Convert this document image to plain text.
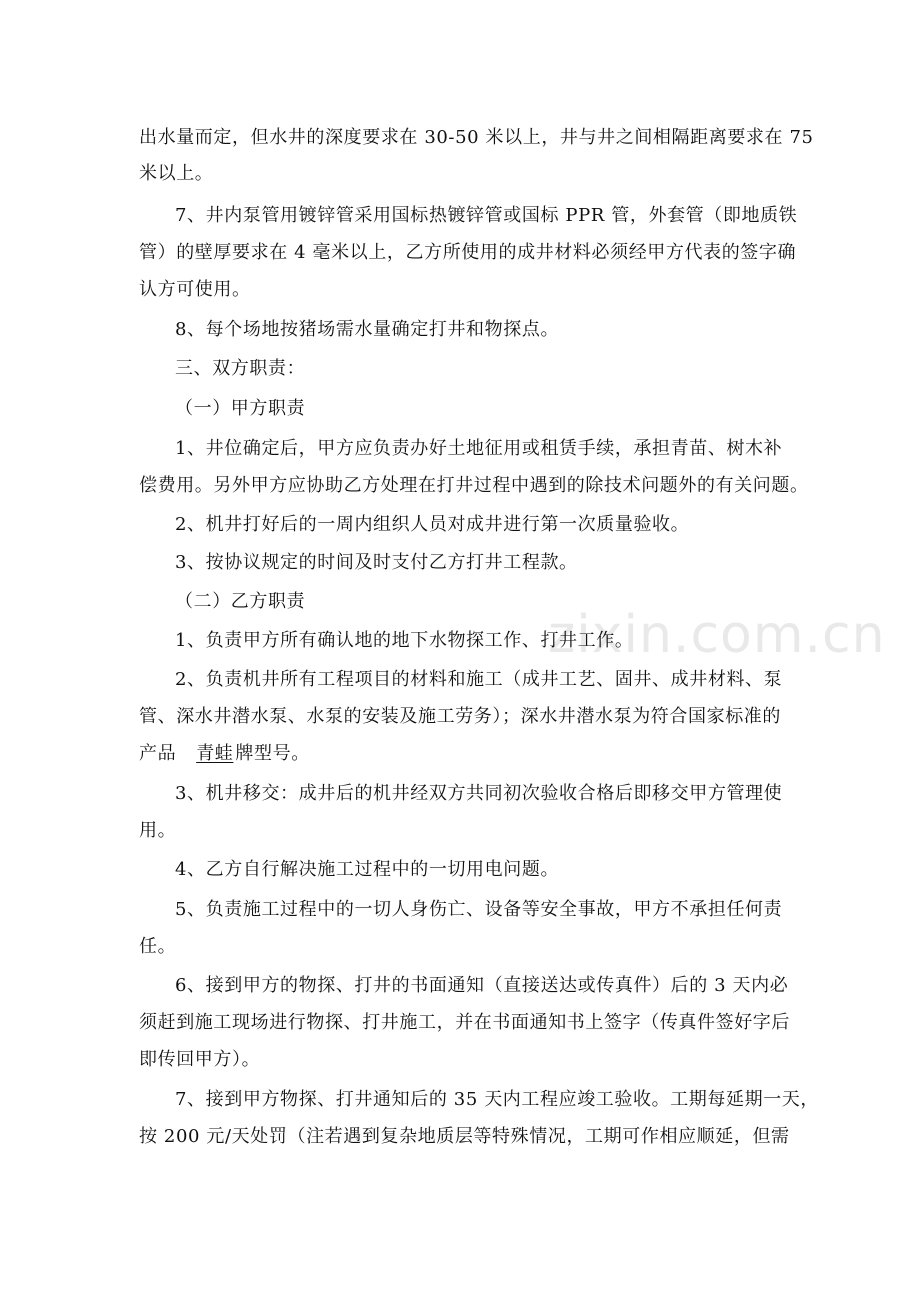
zixin.com.cn
出水量而定，但水井的深度要求在 30-50 米以上，井与井之间相隔距离要求在 75
米以上。
7、井内泵管用镀锌管采用国标热镀锌管或国标 PPR 管，外套管（即地质铁
管）的壁厚要求在 4 毫米以上，乙方所使用的成井材料必须经甲方代表的签字确
认方可使用。
8、每个场地按猪场需水量确定打井和物探点。
三、双方职责：
（一）甲方职责
1、井位确定后，甲方应负责办好土地征用或租赁手续，承担青苗、树木补
偿费用。另外甲方应协助乙方处理在打井过程中遇到的除技术问题外的有关问题。
2、机井打好后的一周内组织人员对成井进行第一次质量验收。
3、按协议规定的时间及时支付乙方打井工程款。
（二）乙方职责
1、负责甲方所有确认地的地下水物探工作、打井工作。
2、负责机井所有工程项目的材料和施工（成井工艺、固井、成井材料、泵
管、深水井潜水泵、水泵的安装及施工劳务）；深水井潜水泵为符合国家标准的
产品 青蛙 牌型号。
3、机井移交：成井后的机井经双方共同初次验收合格后即移交甲方管理使
用。
4、乙方自行解决施工过程中的一切用电问题。
5、负责施工过程中的一切人身伤亡、设备等安全事故，甲方不承担任何责
任。
6、接到甲方的物探、打井的书面通知（直接送达或传真件）后的 3 天内必
须赶到施工现场进行物探、打井施工，并在书面通知书上签字（传真件签好字后
即传回甲方）。
7、接到甲方物探、打井通知后的 35 天内工程应竣工验收。工期每延期一天，
按 200 元/天处罚（注若遇到复杂地质层等特殊情况，工期可作相应顺延，但需
